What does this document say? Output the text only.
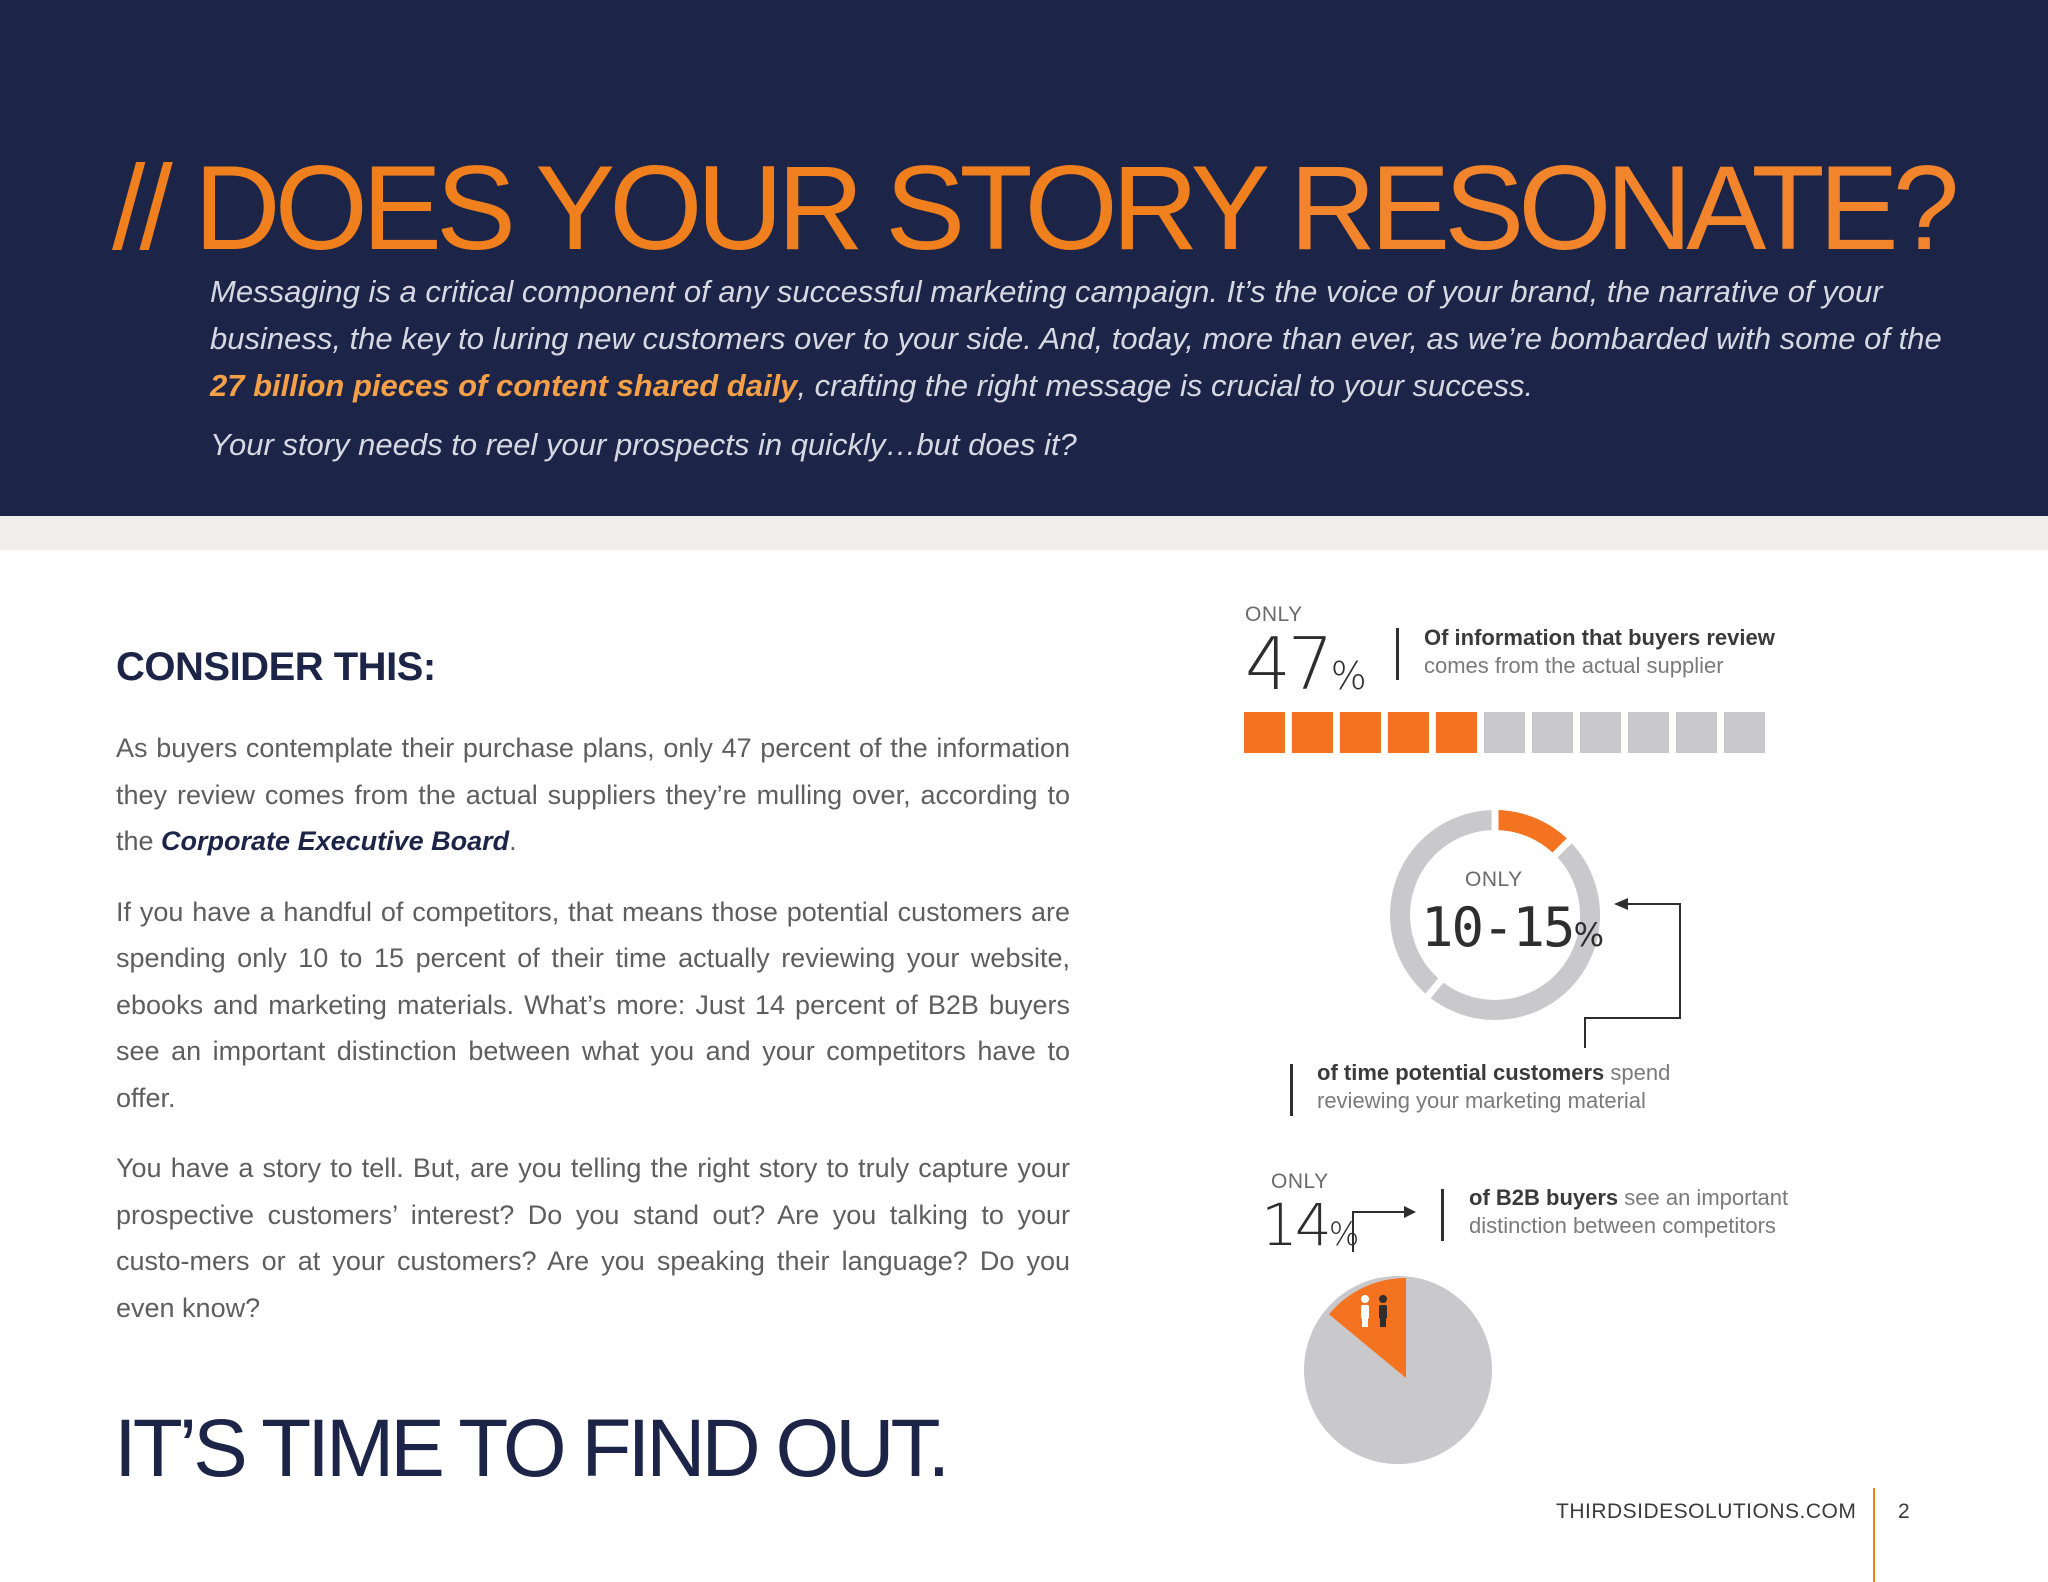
// DOES YOUR STORY RESONATE?

Messaging is a critical component of any successful marketing campaign. It’s the voice of your brand, the narrative of your business, the key to luring new customers over to your side. And, today, more than ever, as we’re bombarded with some of the 27 billion pieces of content shared daily, crafting the right message is crucial to your success.

Your story needs to reel your prospects in quickly…but does it?

CONSIDER THIS:

As buyers contemplate their purchase plans, only 47 percent of the information they review comes from the actual suppliers they’re mulling over, according to the Corporate Executive Board.

If you have a handful of competitors, that means those potential customers are spending only 10 to 15 percent of their time actually reviewing your website, ebooks and marketing materials. What’s more: Just 14 percent of B2B buyers see an important distinction between what you and your competitors have to offer.

You have a story to tell. But, are you telling the right story to truly capture your prospective customers’ interest? Do you stand out? Are you talking to your custo-mers or at your customers? Are you speaking their language? Do you even know?

IT’S TIME TO FIND OUT.
ONLY
47%
Of information that buyers review
comes from the actual supplier
ONLY
10-15%
of time potential customers spend
reviewing your marketing material
ONLY
14%
of B2B buyers see an important
distinction between competitors
THIRDSIDESOLUTIONS.COM 2
